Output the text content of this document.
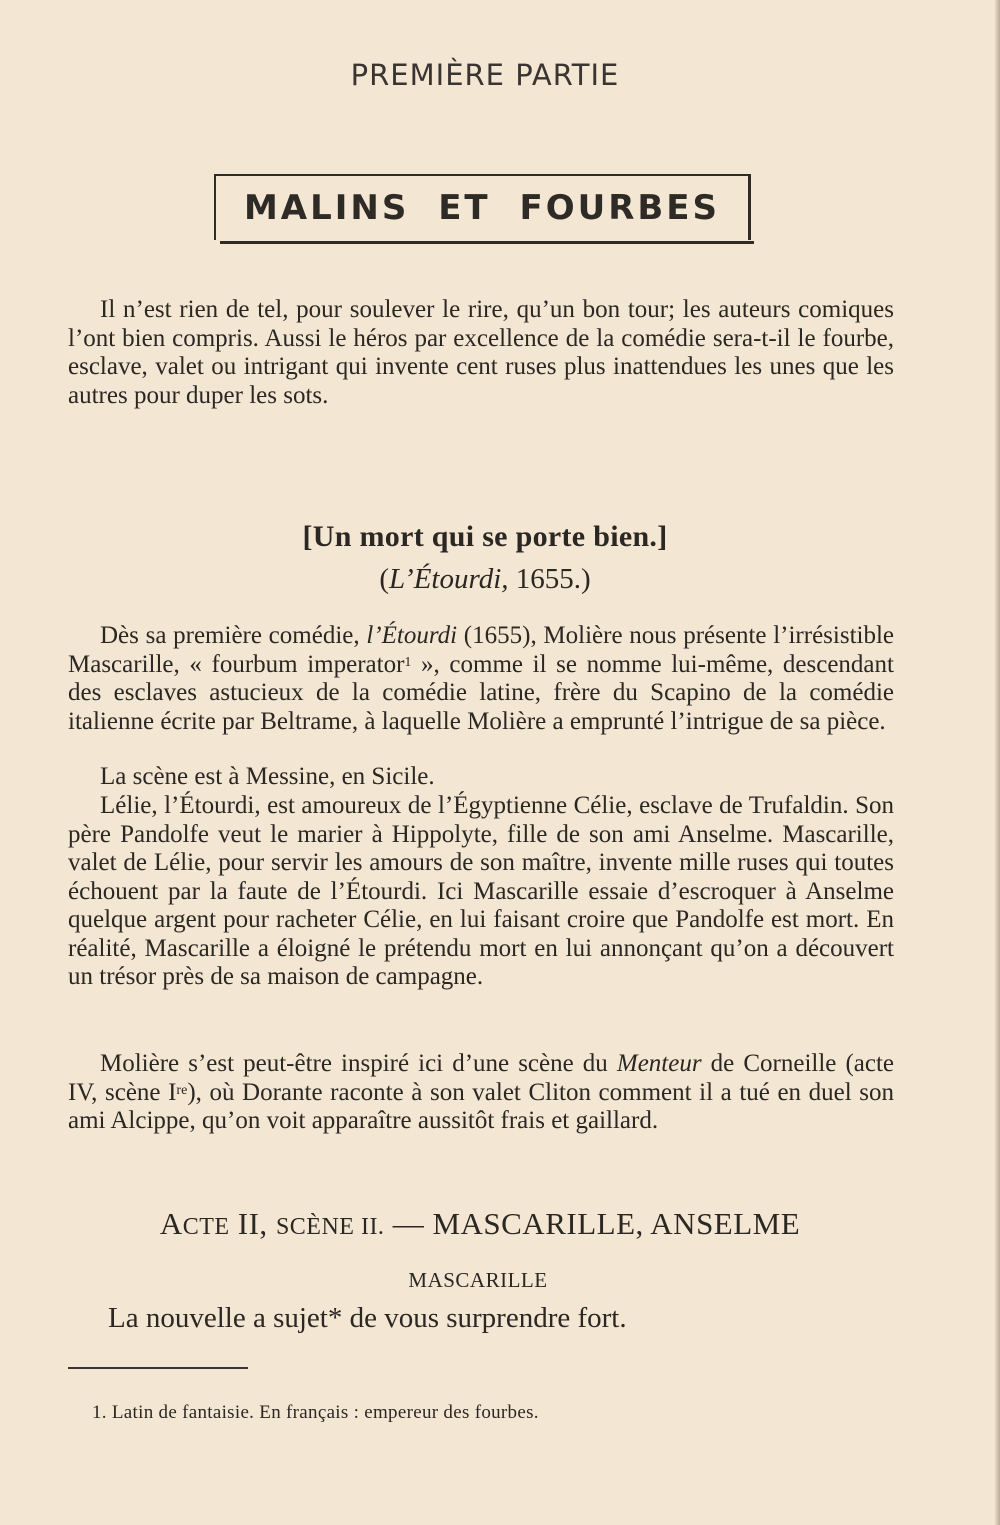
PREMIÈRE PARTIE
MALINS ET FOURBES

Il n’est rien de tel, pour soulever le rire, qu’un bon tour; les auteurs comiques l’ont bien compris. Aussi le héros par excellence de la comédie sera-t-il le fourbe, esclave, valet ou intrigant qui invente cent ruses plus inattendues les unes que les autres pour duper les sots.

[Un mort qui se porte bien.]
(L’Étourdi, 1655.)

Dès sa première comédie, l’Étourdi (1655), Molière nous présente l’irrésistible Mascarille, « fourbum imperator$^1$ », comme il se nomme lui-même, descendant des esclaves astucieux de la comédie latine, frère du Scapino de la comédie italienne écrite par Beltrame, à laquelle Molière a emprunté l’intrigue de sa pièce.

La scène est à Messine, en Sicile.

Lélie, l’Étourdi, est amoureux de l’Égyptienne Célie, esclave de Trufaldin. Son père Pandolfe veut le marier à Hippolyte, fille de son ami Anselme. Mascarille, valet de Lélie, pour servir les amours de son maître, invente mille ruses qui toutes échouent par la faute de l’Étourdi. Ici Mascarille essaie d’escroquer à Anselme quelque argent pour racheter Célie, en lui faisant croire que Pandolfe est mort. En réalité, Mascarille a éloigné le prétendu mort en lui annonçant qu’on a découvert un trésor près de sa maison de campagne.

Molière s’est peut-être inspiré ici d’une scène du Menteur de Corneille (acte IV, scène Ire), où Dorante raconte à son valet Cliton comment il a tué en duel son ami Alcippe, qu’on voit apparaître aussitôt frais et gaillard.

ACTE II, SCÈNE II. — MASCARILLE, ANSELME
MASCARILLE
La nouvelle a sujet* de vous surprendre fort.
1. Latin de fantaisie. En français : empereur des fourbes.
